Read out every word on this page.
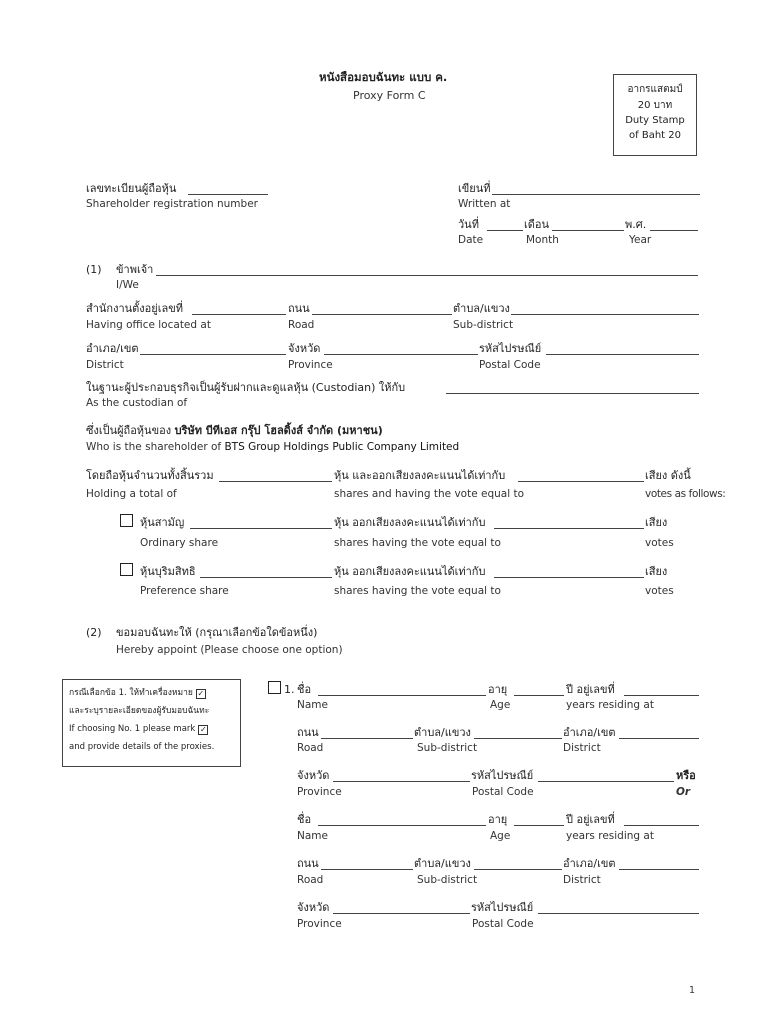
หนังสือมอบฉันทะ แบบ ค.
Proxy Form C	อากรแสตมป์
20 บาท
Duty Stamp
of Baht 20
เลขทะเบียนผู้ถือหุ้น
Shareholder registration number
เขียนที่
Written at
วันที่	เดือน	พ.ศ.
Date	Month	Year
(1) ข้าพเจ้า
I/We
สำนักงานตั้งอยู่เลขที่	ถนน	ตำบล/แขวง
Having office located at	Road	Sub-district
อำเภอ/เขต	จังหวัด	รหัสไปรษณีย์
District	Province	Postal Code
ในฐานะผู้ประกอบธุรกิจเป็นผู้รับฝากและดูแลหุ้น (Custodian) ให้กับ
As the custodian of
ซึ่งเป็นผู้ถือหุ้นของ บริษัท บีทีเอส กรุ๊ป โฮลดิ้งส์ จำกัด (มหาชน)
Who is the shareholder of BTS Group Holdings Public Company Limited
โดยถือหุ้นจำนวนทั้งสิ้นรวม	หุ้น และออกเสียงลงคะแนนได้เท่ากับ	เสียง ดังนี้
Holding a total of	shares and having the vote equal to	votes as follows:
หุ้นสามัญ	หุ้น ออกเสียงลงคะแนนได้เท่ากับ	เสียง
Ordinary share	shares having the vote equal to	votes
หุ้นบุริมสิทธิ	หุ้น ออกเสียงลงคะแนนได้เท่ากับ	เสียง
Preference share	shares having the vote equal to	votes
(2) ขอมอบฉันทะให้ (กรุณาเลือกข้อใดข้อหนึ่ง)
Hereby appoint (Please choose one option)
กรณีเลือกข้อ 1. ให้ทำเครื่องหมาย ✓
และระบุรายละเอียดของผู้รับมอบฉันทะ
If choosing No. 1 please mark ✓
and provide details of the proxies.
1. ชื่อ	อายุ	ปี อยู่เลขที่
Name	Age	years residing at
ถนน	ตำบล/แขวง	อำเภอ/เขต
Road	Sub-district	District
จังหวัด	รหัสไปรษณีย์	หรือ
Province	Postal Code	Or
ชื่อ	อายุ	ปี อยู่เลขที่
Name	Age	years residing at
ถนน	ตำบล/แขวง	อำเภอ/เขต
Road	Sub-district	District
จังหวัด	รหัสไปรษณีย์
Province	Postal Code
1
